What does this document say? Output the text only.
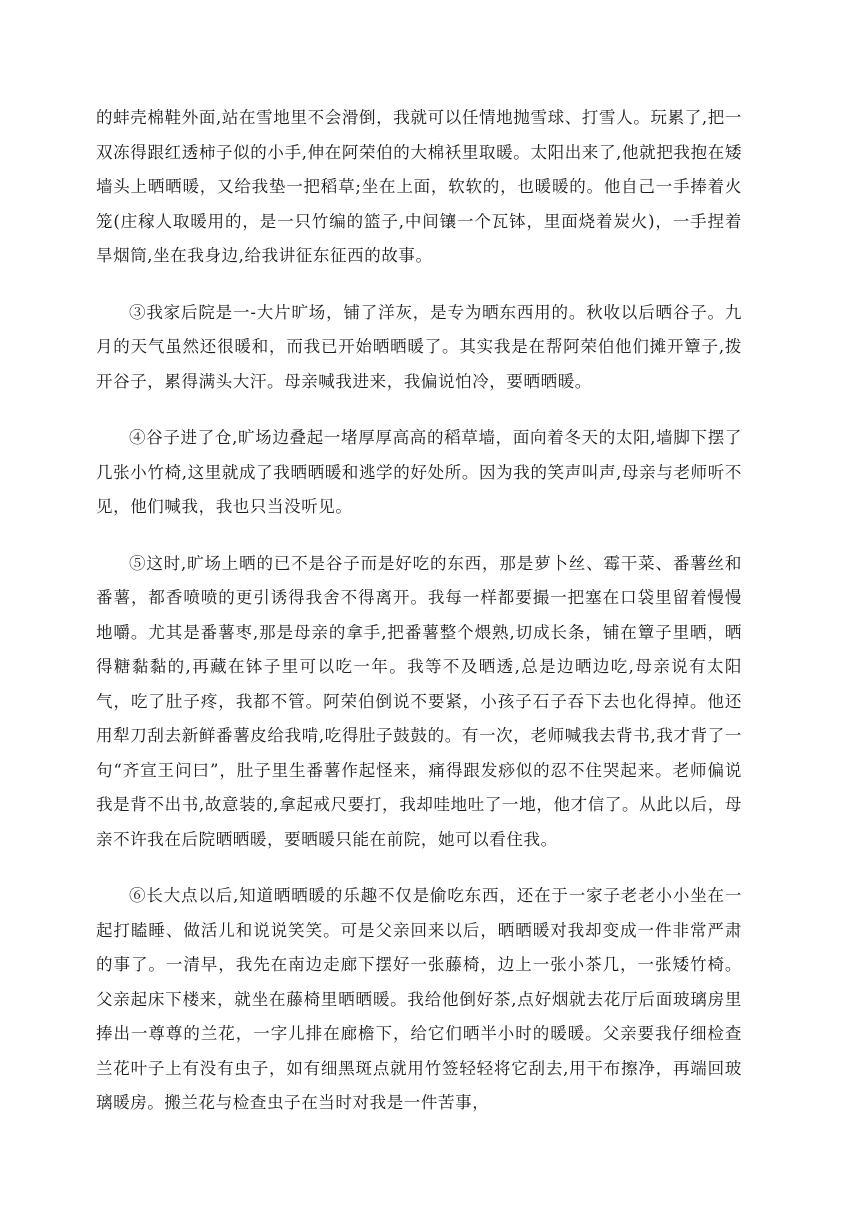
的蚌壳棉鞋外面,站在雪地里不会滑倒，我就可以任情地抛雪球、打雪人。玩累了,把一双冻得跟红透柿子似的小手,伸在阿荣伯的大棉袄里取暖。太阳出来了,他就把我抱在矮墙头上晒晒暖，又给我垫一把稻草;坐在上面，软软的，也暖暖的。他自己一手捧着火笼(庄稼人取暖用的，是一只竹编的篮子,中间镶一个瓦钵，里面烧着炭火)，一手捏着旱烟筒,坐在我身边,给我讲征东征西的故事。

③我家后院是一-大片旷场，铺了洋灰，是专为晒东西用的。秋收以后晒谷子。九月的天气虽然还很暖和，而我已开始晒晒暖了。其实我是在帮阿荣伯他们摊开簟子,拨开谷子，累得满头大汗。母亲喊我进来，我偏说怕冷，要晒晒暖。

④谷子进了仓,旷场边叠起一堵厚厚高高的稻草墙，面向着冬天的太阳,墙脚下摆了几张小竹椅,这里就成了我晒晒暖和逃学的好处所。因为我的笑声叫声,母亲与老师听不见，他们喊我，我也只当没听见。

⑤这时,旷场上晒的已不是谷子而是好吃的东西，那是萝卜丝、霉干菜、番薯丝和番薯，都香喷喷的更引诱得我舍不得离开。我每一样都要撮一把塞在口袋里留着慢慢地嚼。尤其是番薯枣,那是母亲的拿手,把番薯整个煨熟,切成长条，铺在簟子里晒，晒得糖黏黏的,再藏在钵子里可以吃一年。我等不及晒透,总是边晒边吃,母亲说有太阳气，吃了肚子疼，我都不管。阿荣伯倒说不要紧，小孩子石子吞下去也化得掉。他还用犁刀刮去新鲜番薯皮给我啃,吃得肚子鼓鼓的。有一次，老师喊我去背书,我才背了一句“齐宣王问曰”，肚子里生番薯作起怪来，痛得跟发痧似的忍不住哭起来。老师偏说我是背不出书,故意装的,拿起戒尺要打，我却哇地吐了一地，他才信了。从此以后，母亲不许我在后院晒晒暖，要晒暖只能在前院，她可以看住我。

⑥长大点以后,知道晒晒暖的乐趣不仅是偷吃东西，还在于一家子老老小小坐在一起打瞌睡、做活儿和说说笑笑。可是父亲回来以后，晒晒暖对我却变成一件非常严肃的事了。一清早，我先在南边走廊下摆好一张藤椅，边上一张小茶几，一张矮竹椅。父亲起床下楼来，就坐在藤椅里晒晒暖。我给他倒好茶,点好烟就去花厅后面玻璃房里捧出一尊尊的兰花，一字儿排在廊檐下，给它们晒半小时的暖暖。父亲要我仔细检查兰花叶子上有没有虫子，如有细黑斑点就用竹签轻轻将它刮去,用干布擦净，再端回玻璃暖房。搬兰花与检查虫子在当时对我是一件苦事，
